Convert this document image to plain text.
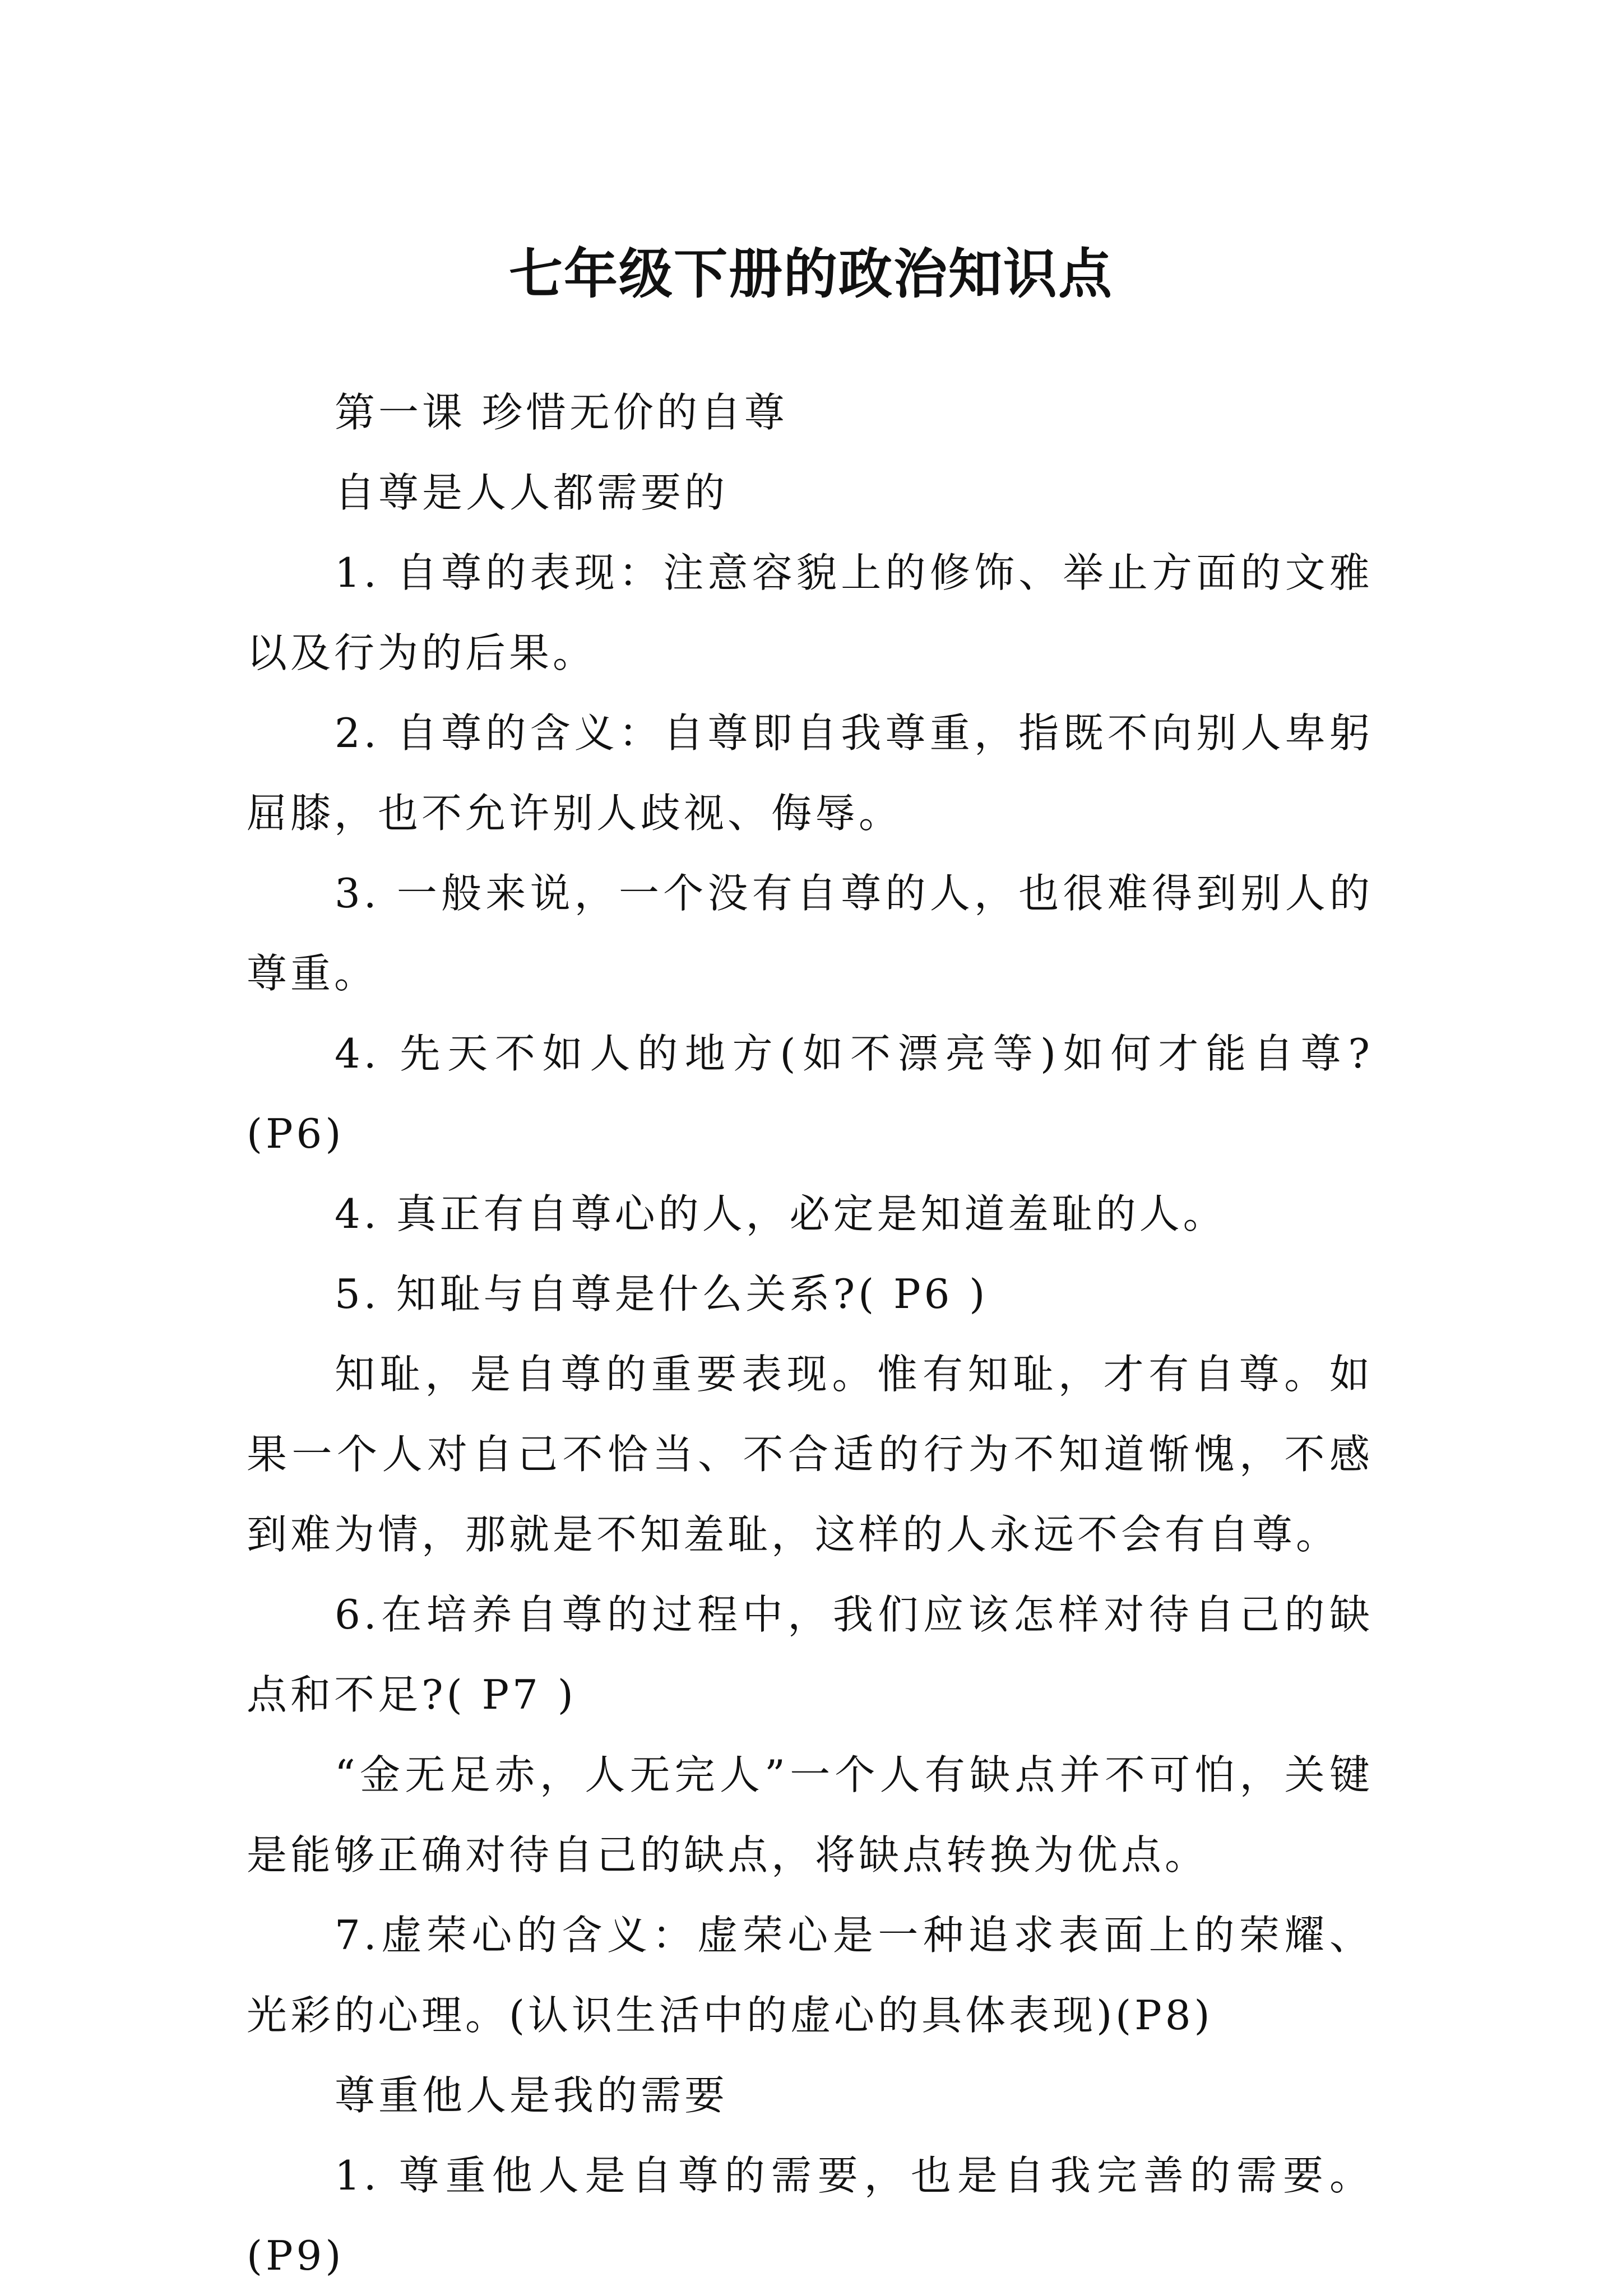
七年级下册的政治知识点

第一课 珍惜无价的自尊

自尊是人人都需要的

1. 自尊的表现：注意容貌上的修饰、举止方面的文雅以及行为的后果。

2. 自尊的含义：自尊即自我尊重，指既不向别人卑躬屈膝，也不允许别人歧视、侮辱。

3. 一般来说，一个没有自尊的人，也很难得到别人的尊重。

4. 先天不如人的地方(如不漂亮等)如何才能自尊?(P6)

4. 真正有自尊心的人，必定是知道羞耻的人。

5. 知耻与自尊是什么关系?( P6 )

知耻，是自尊的重要表现。惟有知耻，才有自尊。如果一个人对自己不恰当、不合适的行为不知道惭愧，不感到难为情，那就是不知羞耻，这样的人永远不会有自尊。

6.在培养自尊的过程中，我们应该怎样对待自己的缺点和不足?( P7 )

“金无足赤，人无完人”一个人有缺点并不可怕，关键是能够正确对待自己的缺点，将缺点转换为优点。

7.虚荣心的含义：虚荣心是一种追求表面上的荣耀、光彩的心理。(认识生活中的虚心的具体表现)(P8)

尊重他人是我的需要

1. 尊重他人是自尊的需要，也是自我完善的需要。(P9)
